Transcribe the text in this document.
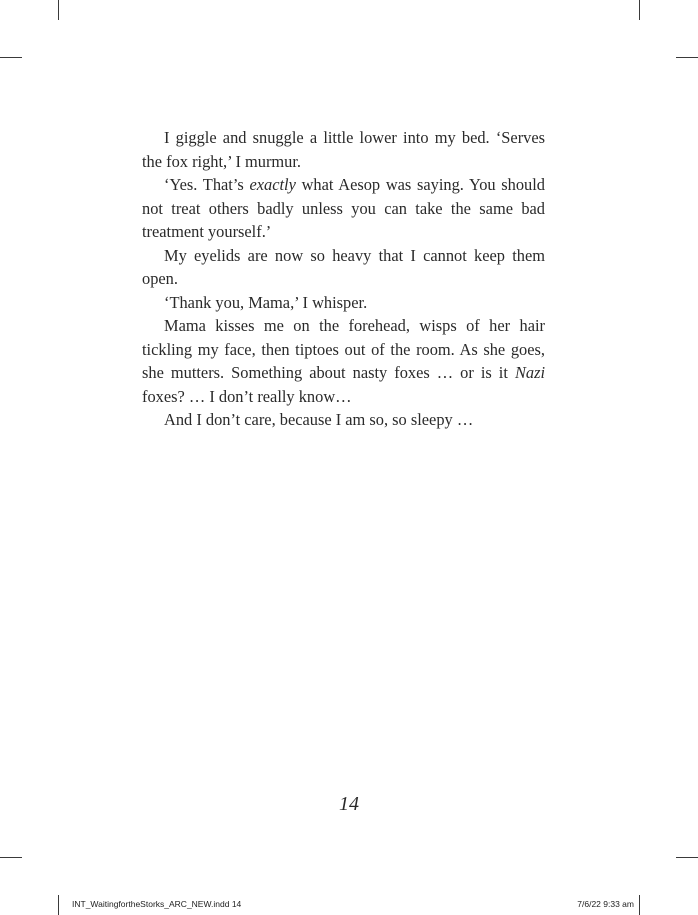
I giggle and snuggle a little lower into my bed. ‘Serves the fox right,’ I murmur.

‘Yes. That’s exactly what Aesop was saying. You should not treat others badly unless you can take the same bad treatment yourself.’

My eyelids are now so heavy that I cannot keep them open.

‘Thank you, Mama,’ I whisper.

Mama kisses me on the forehead, wisps of her hair tickling my face, then tiptoes out of the room. As she goes, she mutters. Something about nasty foxes … or is it Nazi foxes? … I don’t really know…

And I don’t care, because I am so, so sleepy …

14
INT_WaitingfortheStorks_ARC_NEW.indd 14	7/6/22 9:33 am
